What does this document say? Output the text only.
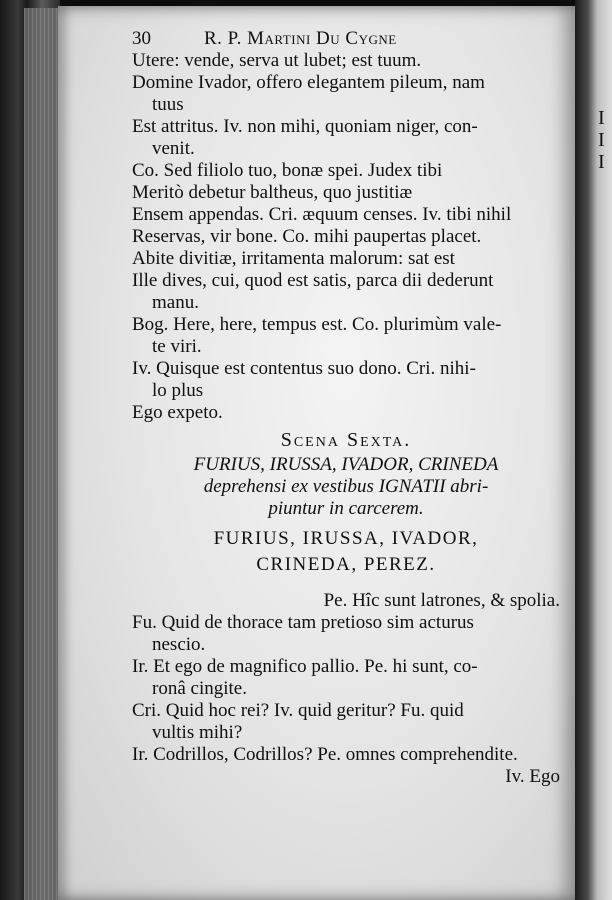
I
I
I
30	R. P. Martini Du Cygne
Utere: vende, serva ut lubet; est tuum.
Domine Ivador, offero elegantem pileum, nam
tuus
Est attritus. Iv. non mihi, quoniam niger, con-
venit.
Co. Sed filiolo tuo, bonæ spei. Judex tibi
Meritò debetur baltheus, quo justitiæ
Ensem appendas. Cri. æquum censes. Iv. tibi nihil
Reservas, vir bone. Co. mihi paupertas placet.
Abite divitiæ, irritamenta malorum: sat est
Ille dives, cui, quod est satis, parca dii dederunt
manu.
Bog. Here, here, tempus est. Co. plurimùm vale-
te viri.
Iv. Quisque est contentus suo dono. Cri. nihi-
lo plus
Ego expeto.
Scena Sexta.
FURIUS, IRUSSA, IVADOR, CRINEDA
deprehensi ex vestibus IGNATII abri-
piuntur in carcerem.
FURIUS, IRUSSA, IVADOR,
CRINEDA, PEREZ.
Pe. Hîc sunt latrones, & spolia.
Fu. Quid de thorace tam pretioso sim acturus
nescio.
Ir. Et ego de magnifico pallio. Pe. hi sunt, co-
ronâ cingite.
Cri. Quid hoc rei? Iv. quid geritur? Fu. quid
vultis mihi?
Ir. Codrillos, Codrillos? Pe. omnes comprehendite.
Iv. Ego
